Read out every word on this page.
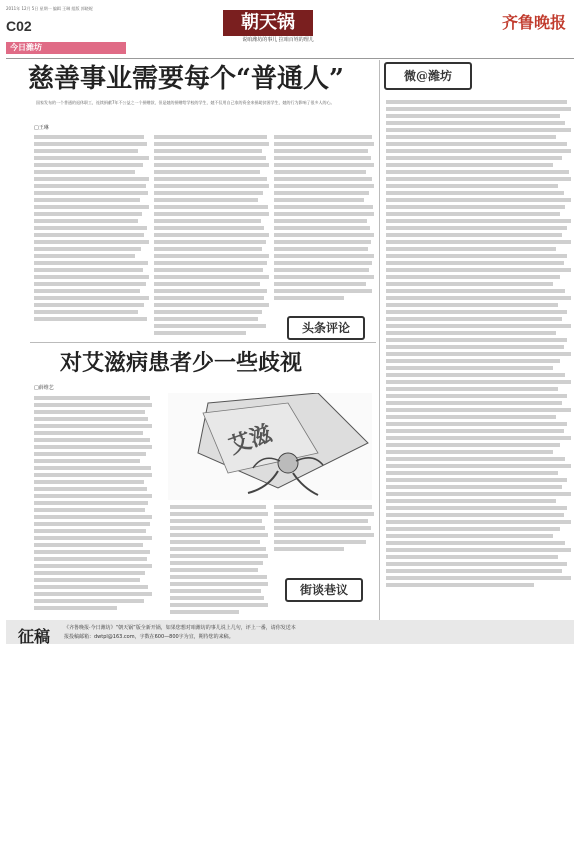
2011年 12月 5日 星期一 编辑 王琳 组版 郭晓妮
C02
今日潍坊
齐鲁晚报
朝天锅
说咱潍坊的事儿 拉咱百姓的理儿
慈善事业需要每个“普通人”
国家发布的一个普通的退休职工，连续捐献7年不公益之一个捐赠款，但是她的捐赠给学校的学生，她不仅用自己家的资金来捐助贫困学生，她的行为影响了很多人的心。
□王琳
头条评论
微@潍坊
对艾滋病患者少一些歧视
□薛维艺
艾滋
街谈巷议
征稿	《齐鲁晚报·今日潍坊》“朝天锅”版全新开锅，如果您想对咱潍坊的事儿说上几句，评上一番，请你发送本
报投稿邮箱：dwtpl@163.com，字数在600—800字为宜，期待您的来稿。
